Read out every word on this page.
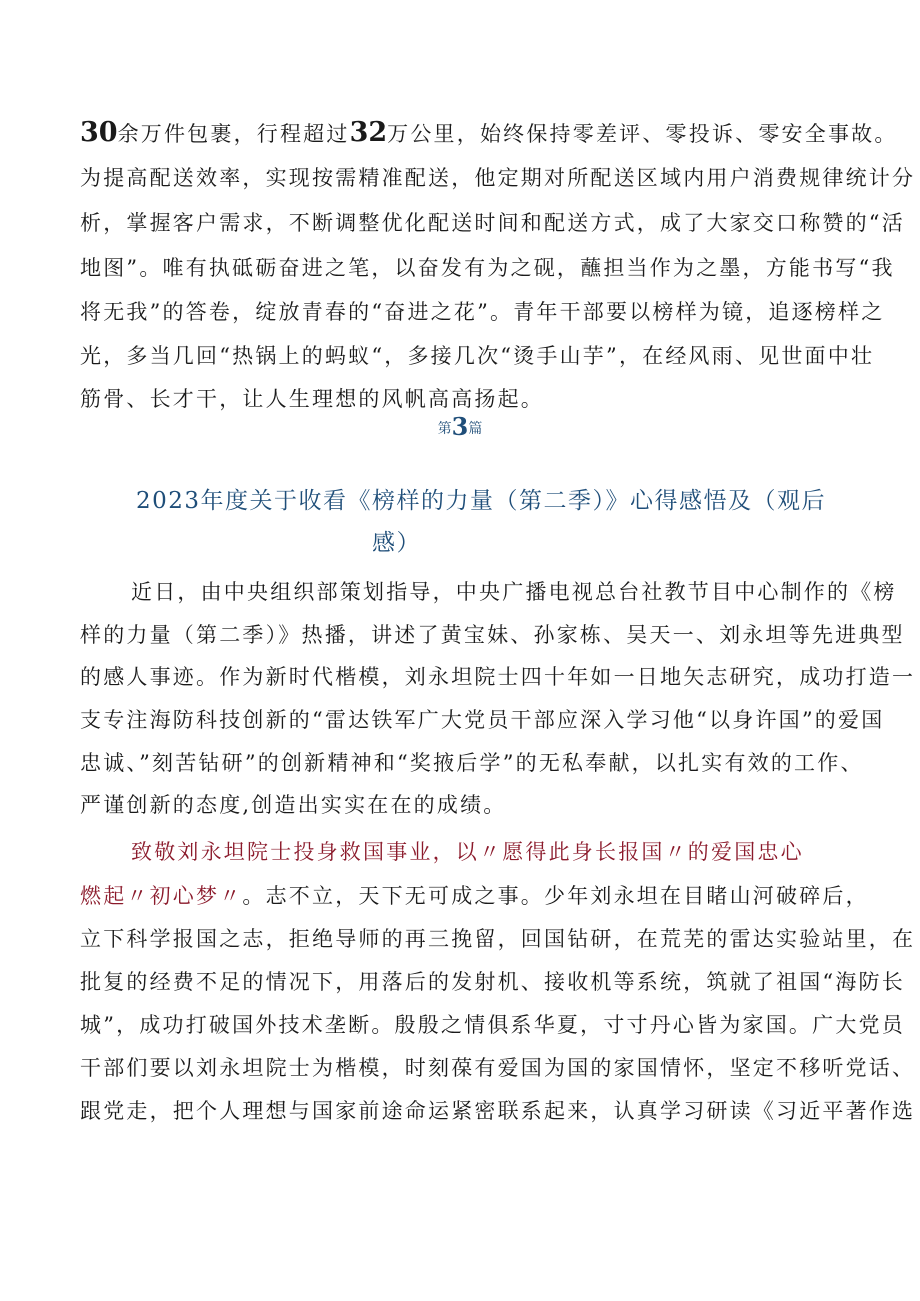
30余万件包裹，行程超过32万公里，始终保持零差评、零投诉、零安全事故。
为提高配送效率，实现按需精准配送，他定期对所配送区域内用户消费规律统计分
析，掌握客户需求，不断调整优化配送时间和配送方式，成了大家交口称赞的“活
地图”。唯有执砥砺奋进之笔，以奋发有为之砚，蘸担当作为之墨，方能书写“我
将无我”的答卷，绽放青春的“奋进之花”。青年干部要以榜样为镜，追逐榜样之
光，多当几回“热锅上的蚂蚁“，多接几次“烫手山芋”，在经风雨、见世面中壮
筋骨、长才干，让人生理想的风帆高高扬起。
第3篇
2023年度关于收看《榜样的力量（第二季）》心得感悟及（观后
感）
近日，由中央组织部策划指导，中央广播电视总台社教节目中心制作的《榜
样的力量（第二季）》热播，讲述了黄宝妹、孙家栋、吴天一、刘永坦等先进典型
的感人事迹。作为新时代楷模，刘永坦院士四十年如一日地矢志研究，成功打造一
支专注海防科技创新的“雷达铁军广大党员干部应深入学习他“以身许国”的爱国
忠诚、”刻苦钻研”的创新精神和“奖掖后学”的无私奉献，以扎实有效的工作、
严谨创新的态度,创造出实实在在的成绩。
致敬刘永坦院士投身救国事业，以〃愿得此身长报国〃的爱国忠心
燃起〃初心梦〃。志不立，天下无可成之事。少年刘永坦在目睹山河破碎后，
立下科学报国之志，拒绝导师的再三挽留，回国钻研，在荒芜的雷达实验站里，在
批复的经费不足的情况下，用落后的发射机、接收机等系统，筑就了祖国“海防长
城”，成功打破国外技术垄断。殷殷之情俱系华夏，寸寸丹心皆为家国。广大党员
干部们要以刘永坦院士为楷模，时刻葆有爱国为国的家国情怀，坚定不移听党话、
跟党走，把个人理想与国家前途命运紧密联系起来，认真学习研读《习近平著作选
